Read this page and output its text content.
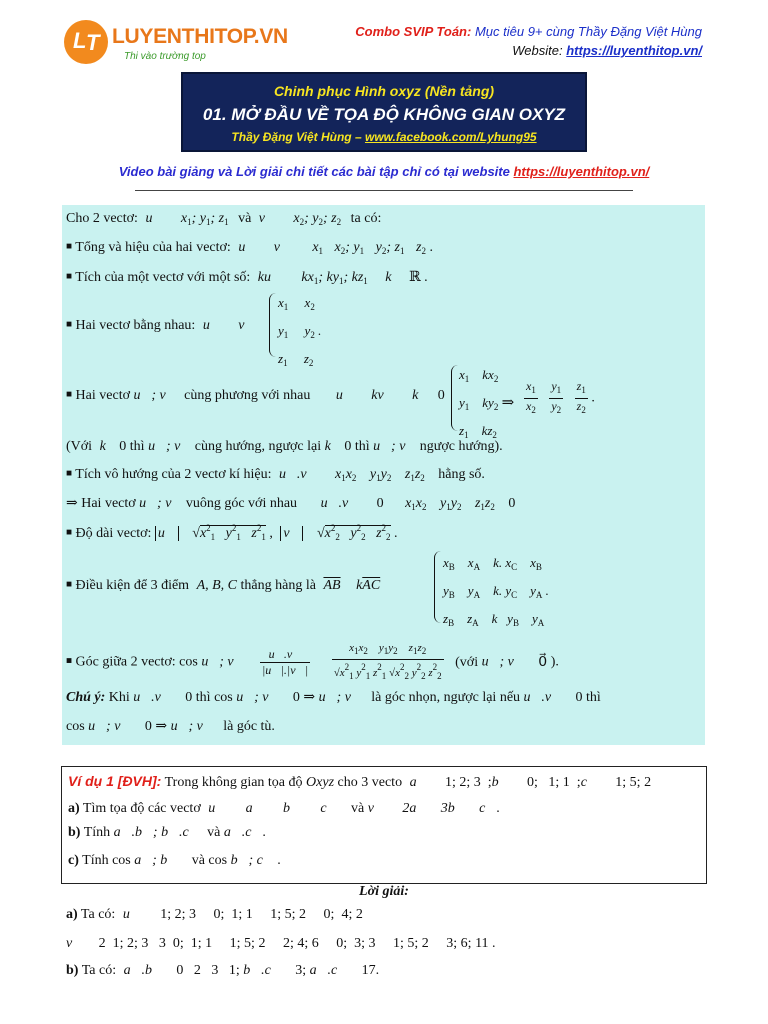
L T LUYENTHITOP.VN
Thi vào trường top
Combo SVIP Toán: Mục tiêu 9+ cùng Thầy Đặng Việt Hùng
Website: https://luyenthitop.vn/
Chinh phục Hình oxyz (Nền tảng)
01. MỞ ĐẦU VỀ TỌA ĐỘ KHÔNG GIAN OXYZ
Thầy Đặng Việt Hùng – www.facebook.com/Lyhung95
Video bài giảng và Lời giải chi tiết các bài tập chỉ có tại website https://luyenthitop.vn/
Cho 2 vectơ: u⃗ $x_1$; $y_1$; $z_1$ và v⃗ $x_2$; $y_2$; $z_2$ ta có:
■ Tổng và hiệu của hai vectơ: u⃗ v⃗ $x_1$ $x_2$; $y_1$ $y_2$; $z_1$ $z_2$ .
■ Tích của một vectơ với một số: ku⃗ $kx_1$; $ky_1$; $kz_1$ k ℝ .
■ Hai vectơ bằng nhau: u⃗ v⃗
$x_1$     $x_2$
$y_1$     $y_2$ .
$z_1$     $z_2$
■ Hai vectơ u⃗; v⃗ cùng phương với nhau u⃗ kv⃗ k 0
$x_1$    $kx_2$
$y_1$    $ky_2$ ⇒
$z_1$    $kz_2$
$\frac{x_1}{x_2}$
$\frac{y_1}{y_2}$
$\frac{z_1}{z_2}$ .
(Với k 0 thì u⃗; v⃗ cùng hướng, ngược lại k 0 thì u⃗; v⃗ ngược hướng).
■ Tích vô hướng của 2 vectơ kí hiệu: u⃗.v⃗ $x_1x_2$ $y_1y_2$ $z_1z_2$ hằng số.
⇒ Hai vectơ u⃗; v⃗ vuông góc với nhau u⃗.v⃗ 0 $x_1x_2$ $y_1y_2$ $z_1z_2$ 0
■ Độ dài vectơ: u⃗ $√x^2_1$   $y^2_1$   $z^2_1$ , v⃗ $√x^2_2$   $y^2_2$   $z^2_2$ .
■ Điều kiện để 3 điểm A, B, C thẳng hàng là $\overline{AB}$ $k\overline{AC}$
$x_B$    $x_A$    k. $x_C$    $x_B$
$y_B$    $y_A$    k. $y_C$    $y_A$ .
$z_B$    $z_A$    k   $y_B$    $y_A$
■ Góc giữa 2 vectơ: cos u⃗; v⃗ $\frac{u⃗.v⃗}{|u⃗|.|v⃗|}$
$\frac{x_1x_2 y_1y_2 z_1z_2}{√x^2_1 y^2_1 z^2_1 √x^2_2 y^2_2 z^2_2}$ (với u⃗; v⃗ 0⃗ ).
Chú ý: Khi u⃗.v⃗ 0 thì cos u⃗; v⃗ 0 ⇒ u⃗; v⃗ là góc nhọn, ngược lại nếu u⃗.v⃗ 0 thì
cos u⃗; v⃗ 0 ⇒ u⃗; v⃗ là góc tù.
Ví dụ 1 [ĐVH]: Trong không gian tọa độ Oxyz cho 3 vecto a⃗ 1; 2; 3  ;b⃗ 0;   1; 1  ;c⃗ 1; 5; 2
a) Tìm tọa độ các vectơ u⃗ a⃗ b⃗ c⃗ và v⃗ 2a⃗ 3b⃗ c⃗.
b) Tính a⃗.b⃗; b⃗.c⃗ và a⃗.c⃗.
c) Tính cos a⃗; b⃗ và cos b⃗; c⃗ .
Lời giải:
a) Ta có: u⃗ 1; 2; 3     0;  1; 1     1; 5; 2     0;  4; 2
v⃗ 2  1; 2; 3   3  0;  1; 1     1; 5; 2     2; 4; 6     0;  3; 3     1; 5; 2     3; 6; 11 .
b) Ta có: a⃗.b⃗ 0   2   3   1; b⃗.c⃗ 3; a⃗.c⃗ 17.
